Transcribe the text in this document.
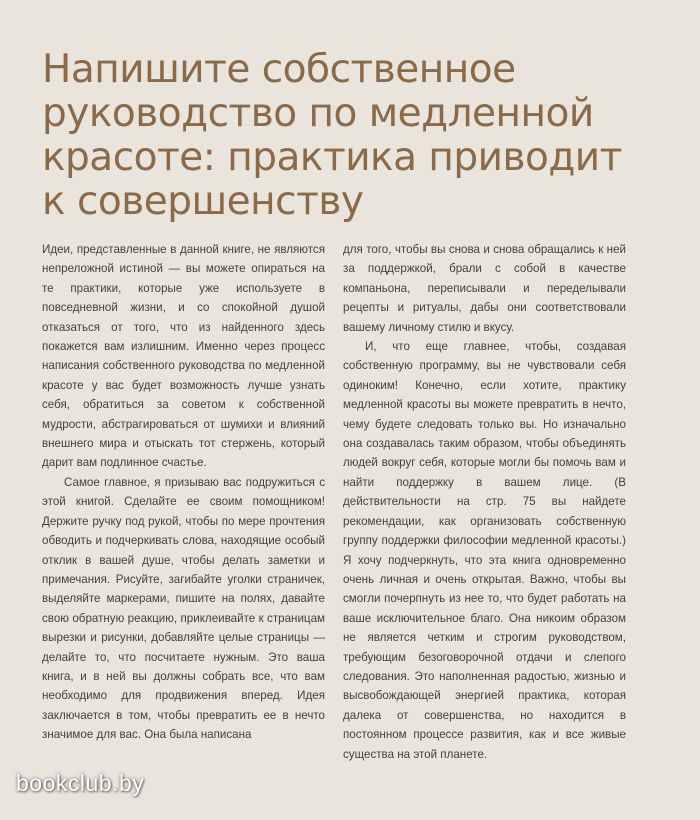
Напишите собственное
руководство по медленной
красоте: практика приводит
к совершенству

Идеи, представленные в данной книге, не являются непреложной истиной — вы можете опираться на те практики, которые уже используете в повседневной жизни, и со спокойной душой отказаться от того, что из найденного здесь покажется вам излишним. Именно через процесс написания собственного руководства по медленной красоте у вас будет возможность лучше узнать себя, обратиться за советом к собственной мудрости, абстрагироваться от шумихи и влияний внешнего мира и отыскать тот стержень, который дарит вам подлинное счастье.

Самое главное, я призываю вас подружиться с этой книгой. Сделайте ее своим помощником! Держите ручку под рукой, чтобы по мере прочтения обводить и подчеркивать слова, находящие особый отклик в вашей душе, чтобы делать заметки и примечания. Рисуйте, загибайте уголки страничек, выделяйте маркерами, пишите на полях, давайте свою обратную реакцию, приклеивайте к страницам вырезки и рисунки, добавляйте целые страницы — делайте то, что посчитаете нужным. Это ваша книга, и в ней вы должны собрать все, что вам необходимо для продвижения вперед. Идея заключается в том, чтобы превратить ее в нечто значимое для вас. Она была написана

для того, чтобы вы снова и снова обращались к ней за поддержкой, брали с собой в качестве компаньона, переписывали и переделывали рецепты и ритуалы, дабы они соответствовали вашему личному стилю и вкусу.

И, что еще главнее, чтобы, создавая собственную программу, вы не чувствовали себя одиноким! Конечно, если хотите, практику медленной красоты вы можете превратить в нечто, чему будете следовать только вы. Но изначально она создавалась таким образом, чтобы объединять людей вокруг себя, которые могли бы помочь вам и найти поддержку в вашем лице. (В действительности на стр. 75 вы найдете рекомендации, как организовать собственную группу поддержки философии медленной красоты.) Я хочу подчеркнуть, что эта книга одновременно очень личная и очень открытая. Важно, чтобы вы смогли почерпнуть из нее то, что будет работать на ваше исключительное благо. Она никоим образом не является четким и строгим руководством, требующим безоговорочной отдачи и слепого следования. Это наполненная радостью, жизнью и высвобождающей энергией практика, которая далека от совершенства, но находится в постоянном процессе развития, как и все живые существа на этой планете.

bookclub.by
